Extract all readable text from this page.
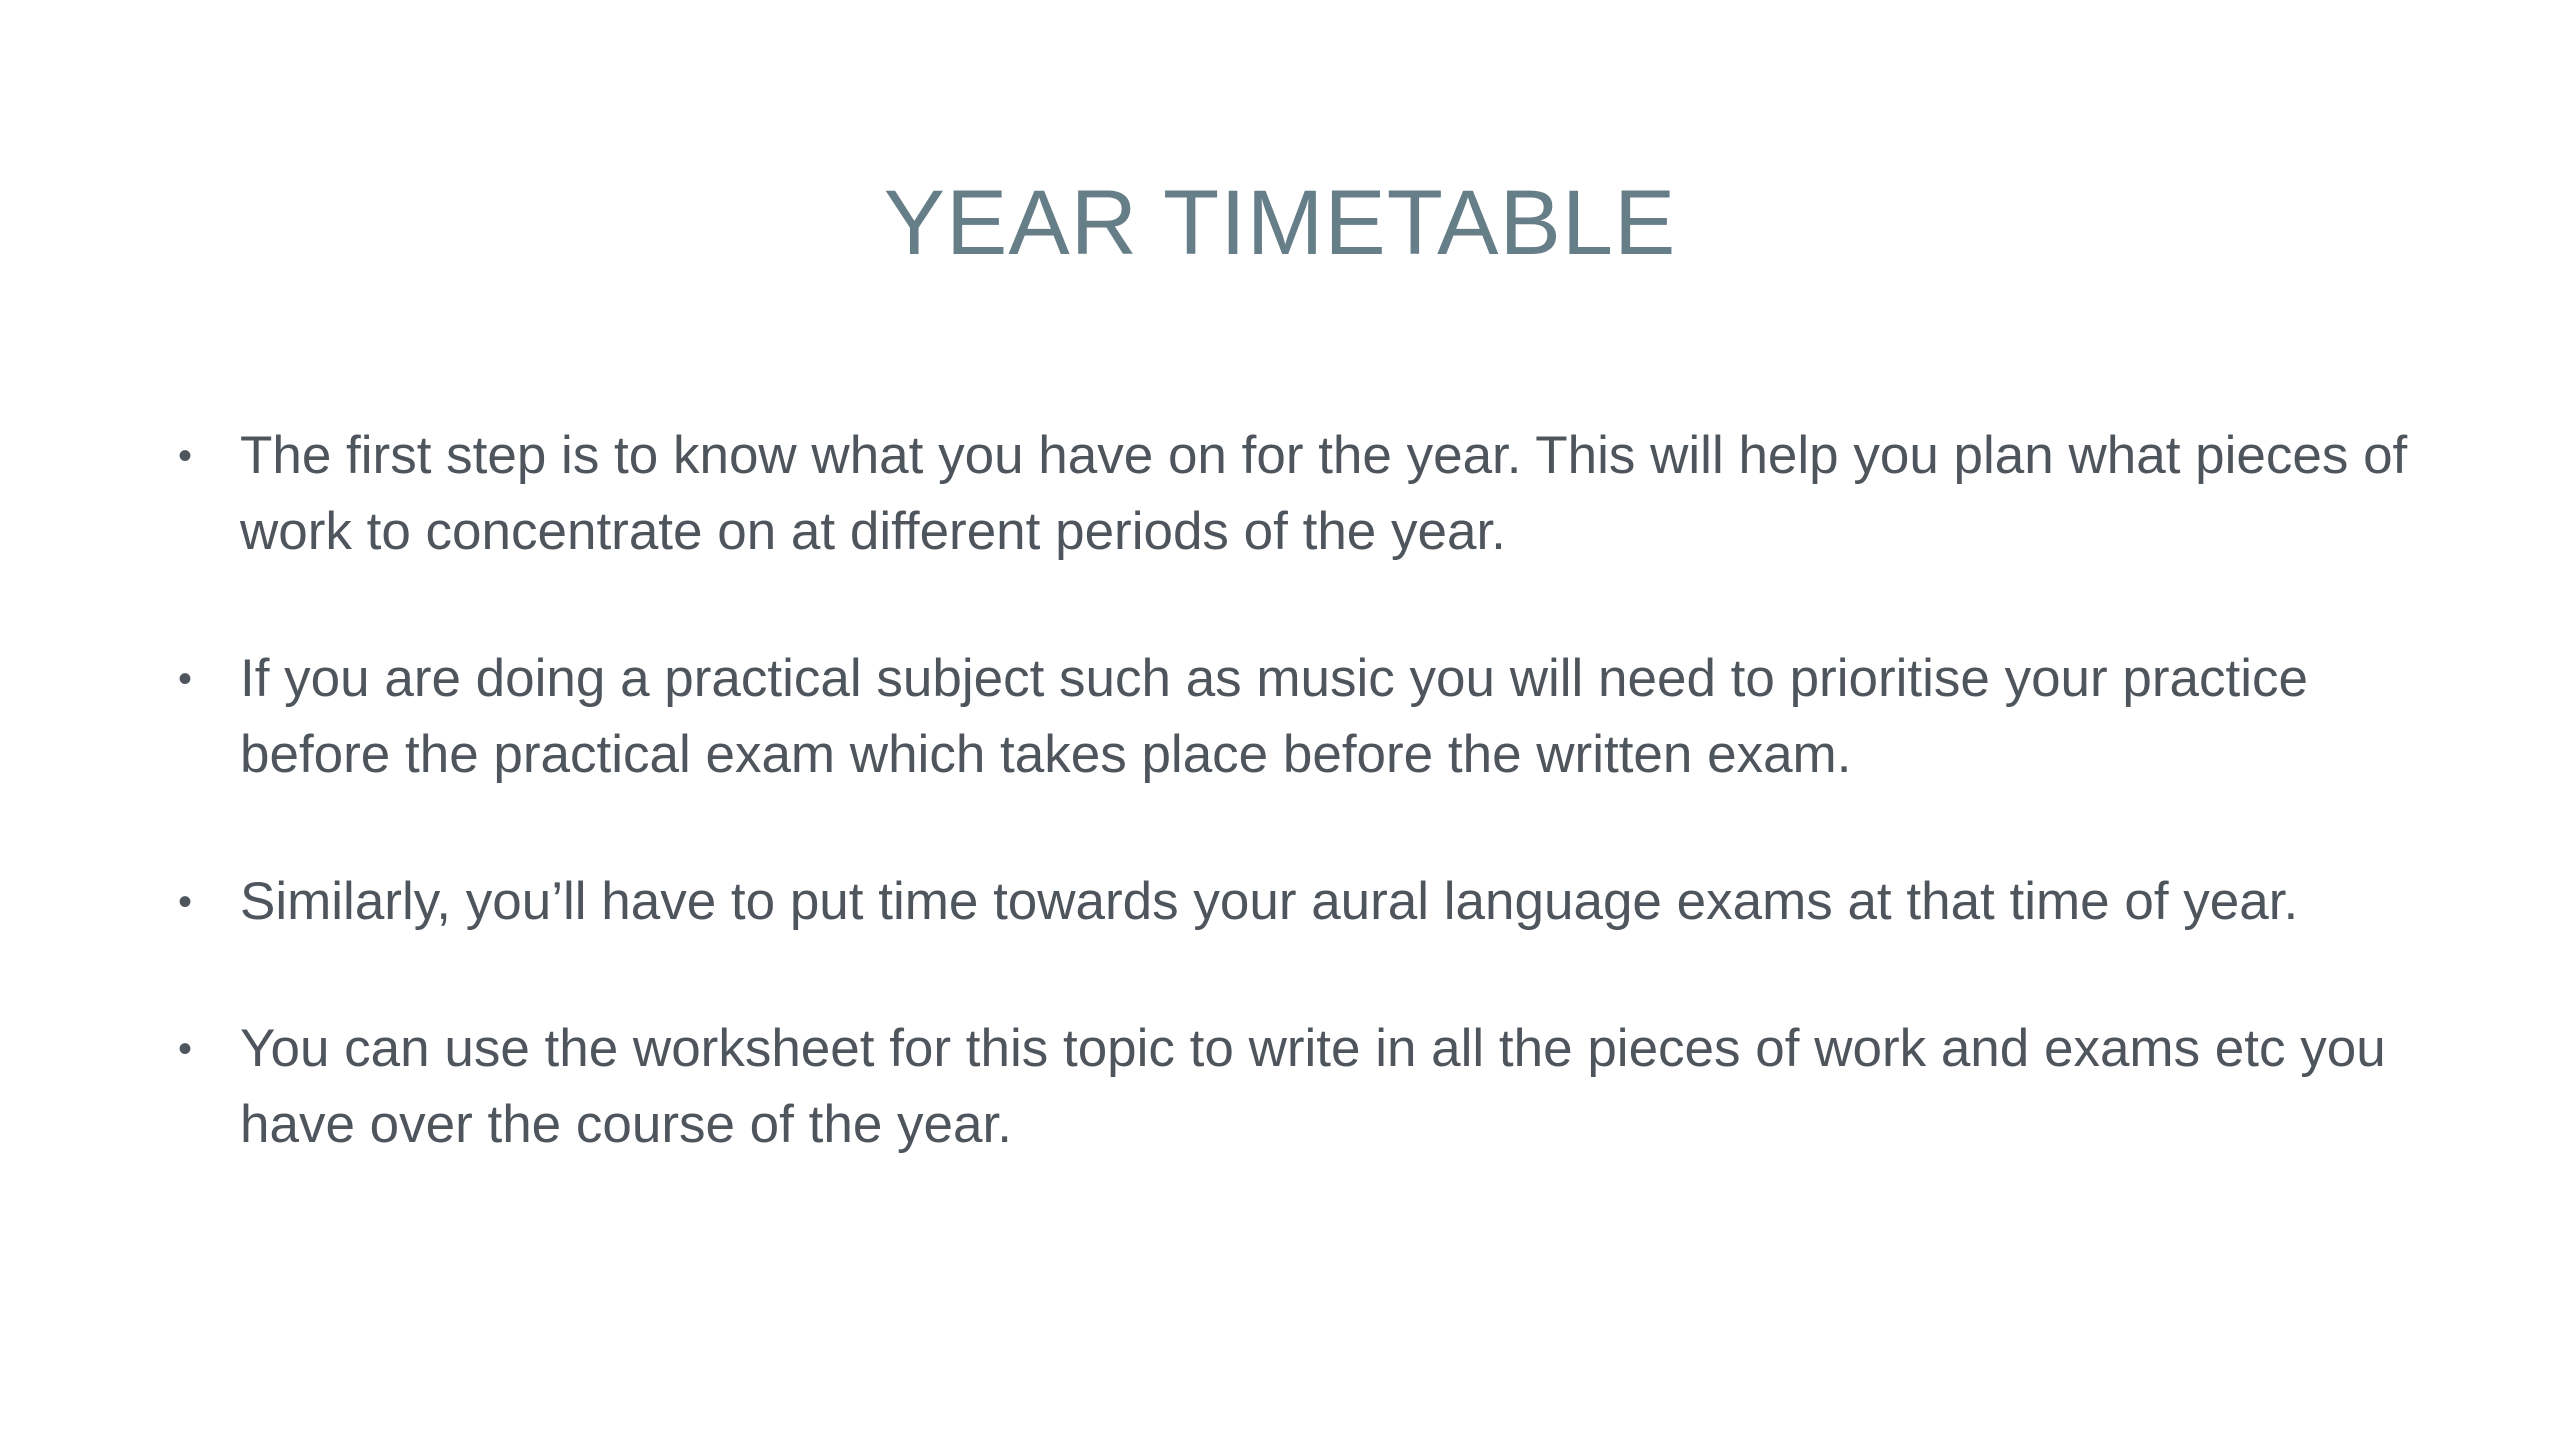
YEAR TIMETABLE
• The first step is to know what you have on for the year. This will help you plan what pieces of work to concentrate on at different periods of the year.
• If you are doing a practical subject such as music you will need to prioritise your practice before the practical exam which takes place before the written exam.
• Similarly, you’ll have to put time towards your aural language exams at that time of year.
• You can use the worksheet for this topic to write in all the pieces of work and exams etc you have over the course of the year.
